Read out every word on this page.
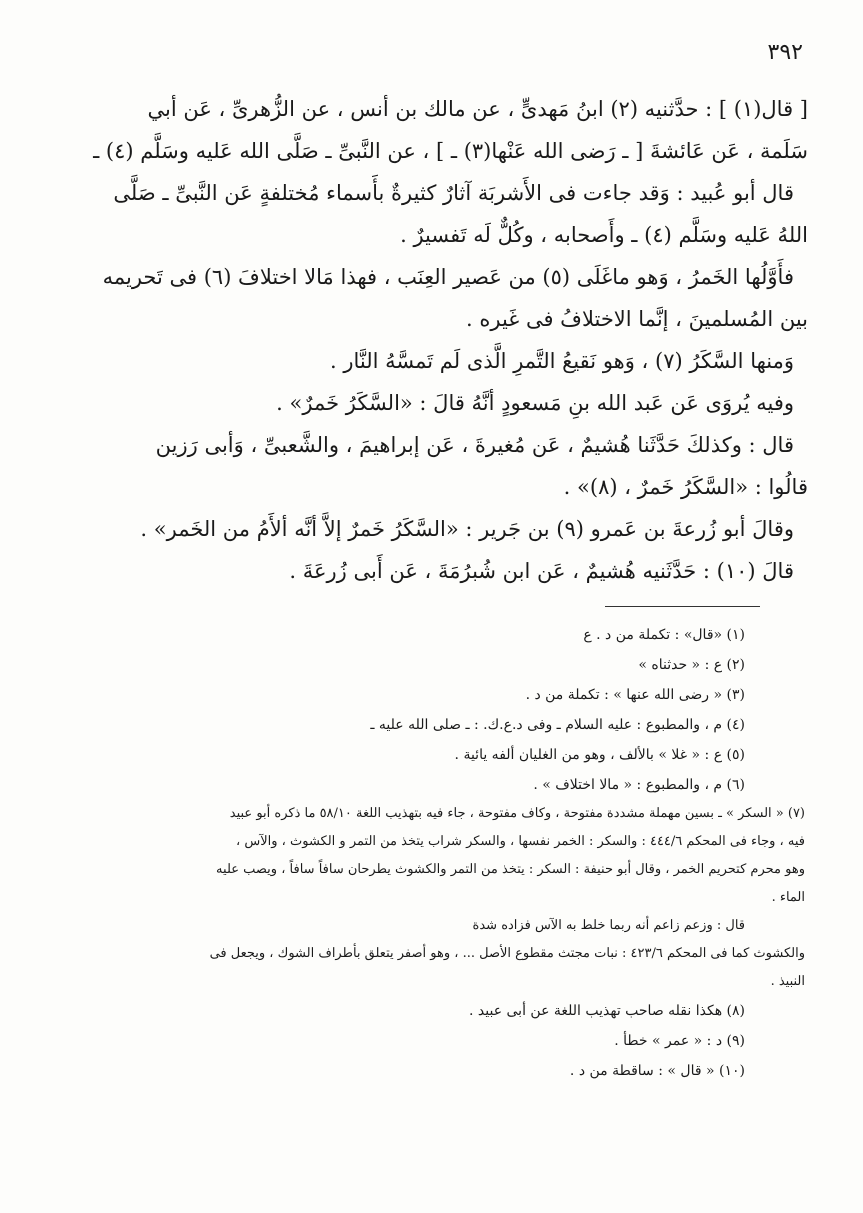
٣٩٢
[ قال(١) ] : حدَّثنيه (٢) ابنُ مَهدىٍّ ، عن مالك بن أنس ، عن الزُّهرىِّ ، عَن أبي
سَلَمة ، عَن عَائشةَ [ ـ رَضى الله عَنْها(٣) ـ ] ، عن النَّبىِّ ـ صَلَّى الله عَليه وسَلَّم (٤) ـ
قال أبو عُبيد : وَقد جاءت فى الأَشربَة آثارٌ كثيرةٌ بأَسماء مُختلفةٍ عَن النَّبىِّ ـ صَلَّى
اللهُ عَليه وسَلَّم (٤) ـ وأَصحابه ، وكُلٌّ لَه تَفسيرٌ .
فأَوَّلُها الخَمرُ ، وَهو ماغَلَى (٥) من عَصير العِنَب ، فهذا مَالا اختلافَ (٦) فى تَحريمه
بين المُسلمينَ ، إنَّما الاختلافُ فى غَيره .
وَمنها السَّكَرُ (٧) ، وَهو نَقيعُ التَّمرِ الَّذى لَم تَمسَّهُ النَّار .
وفيه يُروَى عَن عَبد الله بنِ مَسعودٍ أنَّهُ قالَ : «السَّكَرُ خَمرٌ» .
قال : وكذلكَ حَدَّثَنا هُشيمٌ ، عَن مُغيرةَ ، عَن إبراهيمَ ، والشَّعبىِّ ، وَأبى رَزين
قالُوا : «السَّكَرُ خَمرٌ ، (٨)» .
وقالَ أبو زُرعةَ بن عَمرو (٩) بن جَرير : «السَّكَرُ خَمرٌ إلاَّ أنَّه ألأَمُ من الخَمر» .
قالَ (١٠) : حَدَّثَنيه هُشيمٌ ، عَن ابن شُبرُمَةَ ، عَن أَبى زُرعَةَ .
(١) «قال» : تكملة من د . ع
(٢) ع : « حدثناه »
(٣) « رضى الله عنها » : تكملة من د .
(٤) م ، والمطبوع : عليه السلام ـ وفى د.ع.ك. : ـ صلى الله عليه ـ
(٥) ع : « غلا » بالألف ، وهو من الغليان ألفه يائية .
(٦) م ، والمطبوع : « مالا اختلاف » .
(٧) « السكر » ـ بسين مهملة مشددة مفتوحة ، وكاف مفتوحة ، جاء فيه بتهذيب اللغة ٥٨/١٠ ما ذكره أبو عبيد
فيه ، وجاء فى المحكم ٤٤٤/٦ : والسكر : الخمر نفسها ، والسكر شراب يتخذ من التمر و الكشوث ، والآس ،
وهو محرم كتحريم الخمر ، وقال أبو حنيفة : السكر : يتخذ من التمر والكشوث يطرحان سافاً سافاً ، ويصب عليه
الماء .
قال : وزعم زاعم أنه ربما خلط به الآس فزاده شدة
والكشوث كما فى المحكم ٤٢٣/٦ : نبات مجتث مقطوع الأصل ... ، وهو أصفر يتعلق بأطراف الشوك ، ويجعل فى
النبيذ .
(٨) هكذا نقله صاحب تهذيب اللغة عن أبى عبيد .
(٩) د : « عمر » خطأ .
(١٠) « قال » : ساقطة من د .
